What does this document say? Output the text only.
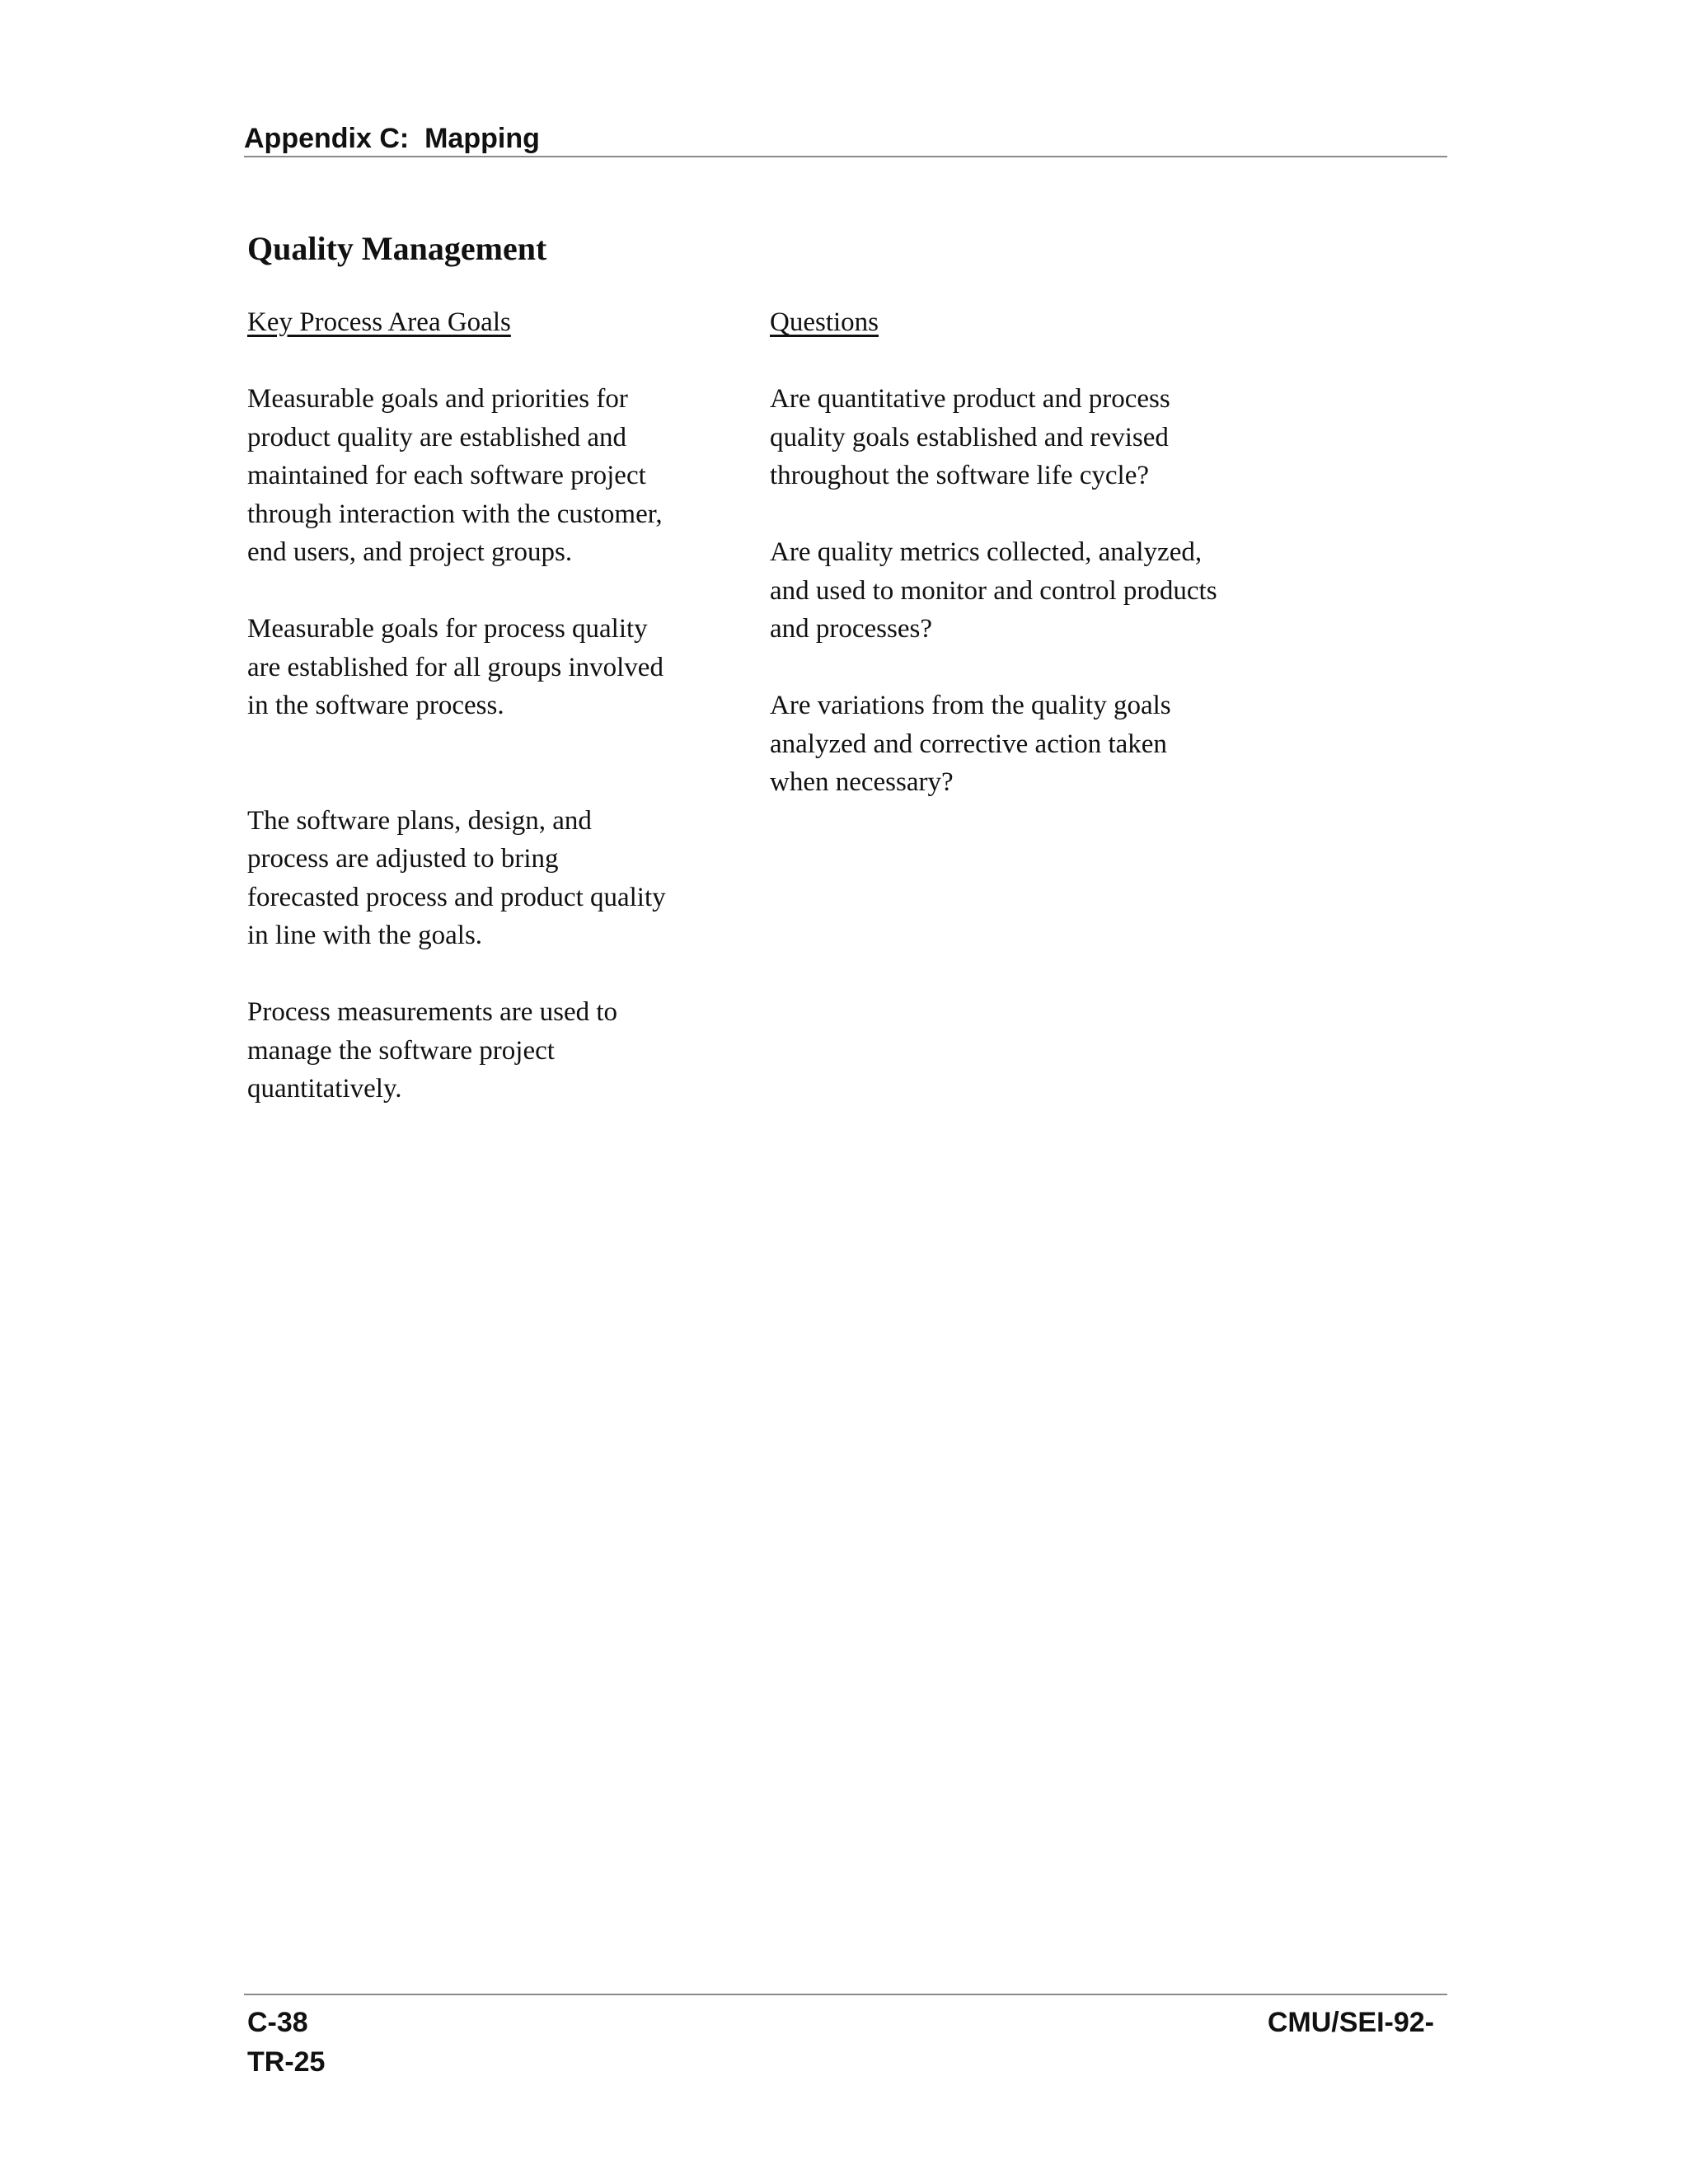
Appendix C:  Mapping
Quality Management
Key Process Area Goals
Measurable goals and priorities for product quality are established and maintained for each software project through interaction with the customer, end users, and project groups.
Measurable goals for process quality are established for all groups involved in the software process.
The software plans, design, and process are adjusted to bring forecasted process and product quality in line with the goals.
Process measurements are used to manage the software project quantitatively.
Questions
Are quantitative product and process quality goals established and revised throughout the software life cycle?
Are quality metrics collected, analyzed, and used to monitor and control products and processes?
Are variations from the quality goals analyzed and corrective action taken when necessary?
C-38
TR-25
CMU/SEI-92-
